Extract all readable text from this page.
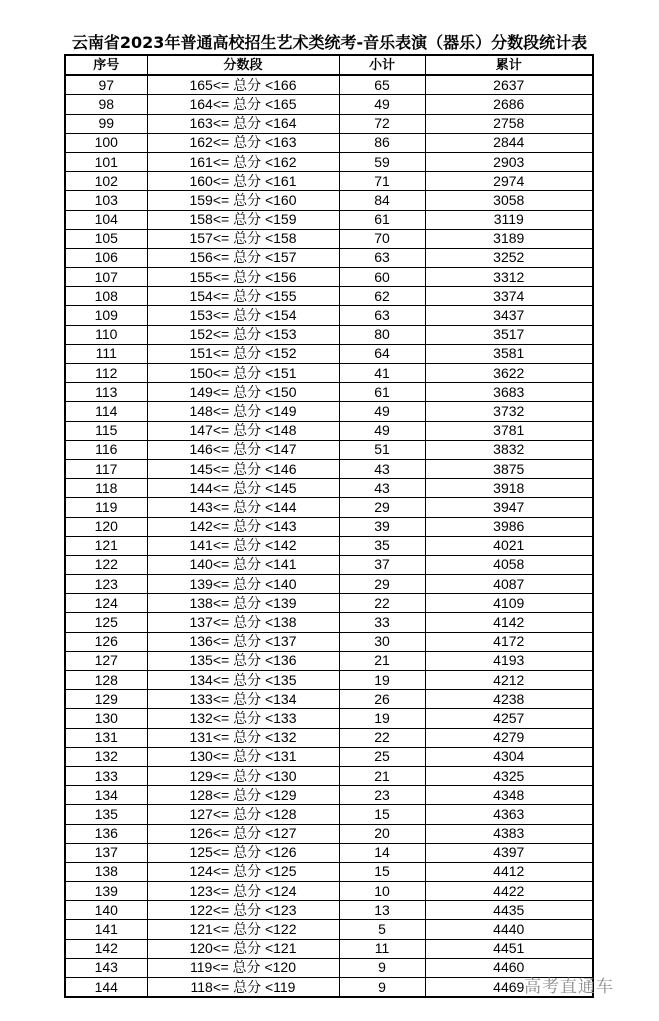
云南省2023年普通高校招生艺术类统考-音乐表演（器乐）分数段统计表
序号	分数段	小计	累计
97	165<= 总分 <166	65	2637
98	164<= 总分 <165	49	2686
99	163<= 总分 <164	72	2758
100	162<= 总分 <163	86	2844
101	161<= 总分 <162	59	2903
102	160<= 总分 <161	71	2974
103	159<= 总分 <160	84	3058
104	158<= 总分 <159	61	3119
105	157<= 总分 <158	70	3189
106	156<= 总分 <157	63	3252
107	155<= 总分 <156	60	3312
108	154<= 总分 <155	62	3374
109	153<= 总分 <154	63	3437
110	152<= 总分 <153	80	3517
111	151<= 总分 <152	64	3581
112	150<= 总分 <151	41	3622
113	149<= 总分 <150	61	3683
114	148<= 总分 <149	49	3732
115	147<= 总分 <148	49	3781
116	146<= 总分 <147	51	3832
117	145<= 总分 <146	43	3875
118	144<= 总分 <145	43	3918
119	143<= 总分 <144	29	3947
120	142<= 总分 <143	39	3986
121	141<= 总分 <142	35	4021
122	140<= 总分 <141	37	4058
123	139<= 总分 <140	29	4087
124	138<= 总分 <139	22	4109
125	137<= 总分 <138	33	4142
126	136<= 总分 <137	30	4172
127	135<= 总分 <136	21	4193
128	134<= 总分 <135	19	4212
129	133<= 总分 <134	26	4238
130	132<= 总分 <133	19	4257
131	131<= 总分 <132	22	4279
132	130<= 总分 <131	25	4304
133	129<= 总分 <130	21	4325
134	128<= 总分 <129	23	4348
135	127<= 总分 <128	15	4363
136	126<= 总分 <127	20	4383
137	125<= 总分 <126	14	4397
138	124<= 总分 <125	15	4412
139	123<= 总分 <124	10	4422
140	122<= 总分 <123	13	4435
141	121<= 总分 <122	5	4440
142	120<= 总分 <121	11	4451
143	119<= 总分 <120	9	4460
144	118<= 总分 <119	9	4469 高考直通车
